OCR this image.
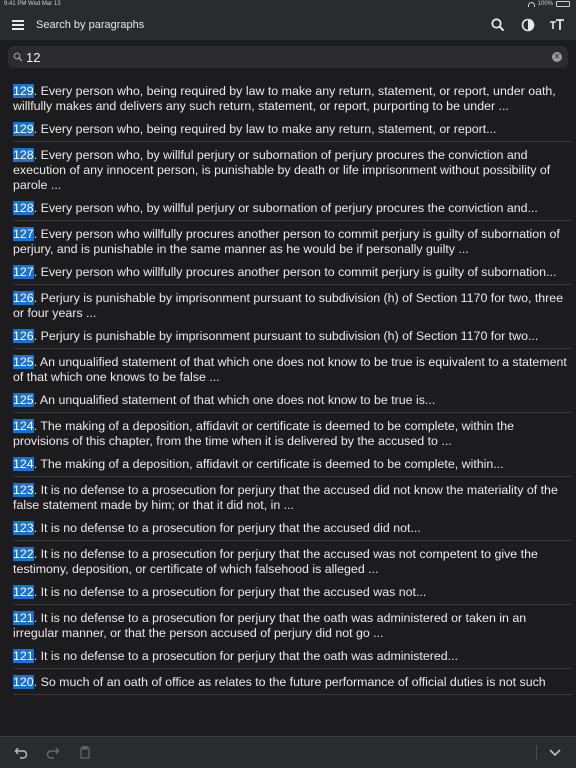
9:41 PM Wed Mar 13	100%
Search by paragraphs
12
✕
129. Every person who, being required by law to make any return, statement, or report, under oath, willfully makes and delivers any such return, statement, or report, purporting to be under ...
129. Every person who, being required by law to make any return, statement, or report...
128. Every person who, by willful perjury or subornation of perjury procures the conviction and execution of any innocent person, is punishable by death or life imprisonment without possibility of parole ...
128. Every person who, by willful perjury or subornation of perjury procures the conviction and...
127. Every person who willfully procures another person to commit perjury is guilty of subornation of perjury, and is punishable in the same manner as he would be if personally guilty ...
127. Every person who willfully procures another person to commit perjury is guilty of subornation...
126. Perjury is punishable by imprisonment pursuant to subdivision (h) of Section 1170 for two, three or four years ...
126. Perjury is punishable by imprisonment pursuant to subdivision (h) of Section 1170 for two...
125. An unqualified statement of that which one does not know to be true is equivalent to a statement of that which one knows to be false ...
125. An unqualified statement of that which one does not know to be true is...
124. The making of a deposition, affidavit or certificate is deemed to be complete, within the provisions of this chapter, from the time when it is delivered by the accused to ...
124. The making of a deposition, affidavit or certificate is deemed to be complete, within...
123. It is no defense to a prosecution for perjury that the accused did not know the materiality of the false statement made by him; or that it did not, in ...
123. It is no defense to a prosecution for perjury that the accused did not...
122. It is no defense to a prosecution for perjury that the accused was not competent to give the testimony, deposition, or certificate of which falsehood is alleged ...
122. It is no defense to a prosecution for perjury that the accused was not...
121. It is no defense to a prosecution for perjury that the oath was administered or taken in an irregular manner, or that the person accused of perjury did not go ...
121. It is no defense to a prosecution for perjury that the oath was administered...
120. So much of an oath of office as relates to the future performance of official duties is not such
